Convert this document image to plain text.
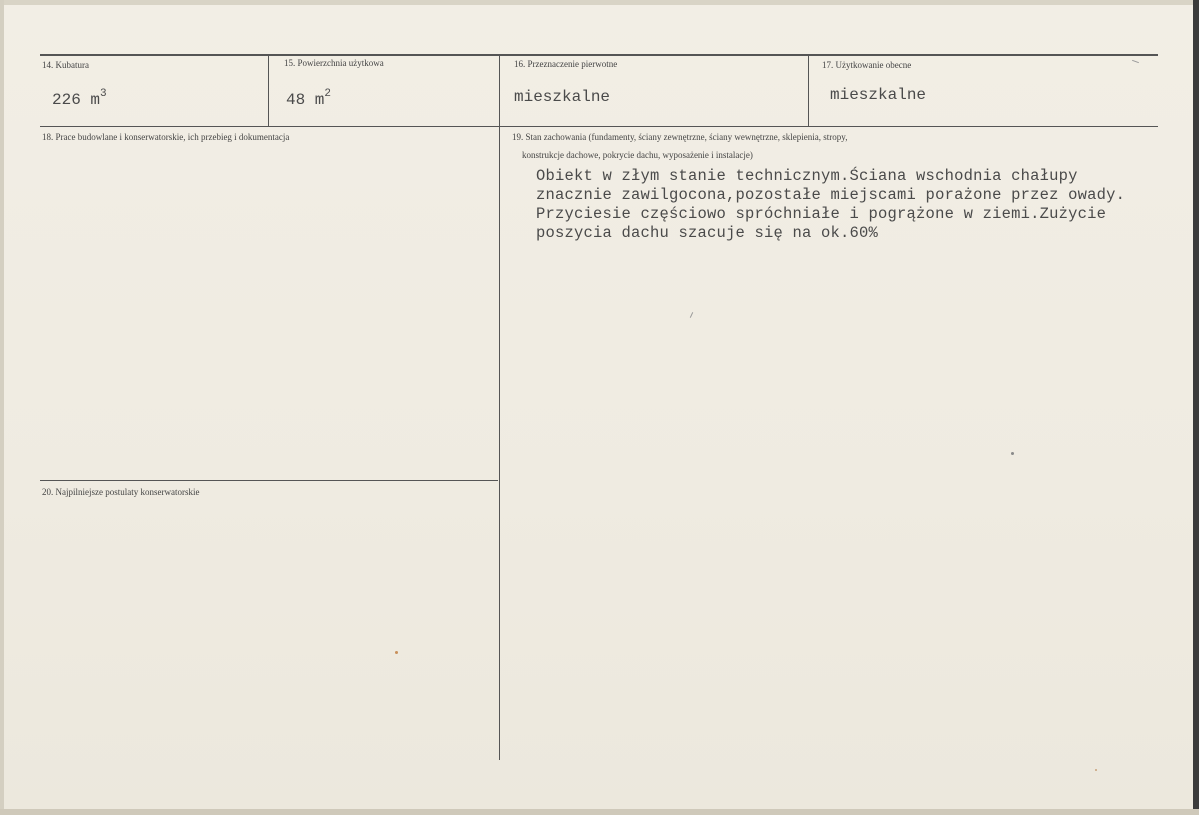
14. Kubatura
226 $m^3$
15. Powierzchnia użytkowa
48 $m^2$
16. Przeznaczenie pierwotne
mieszkalne
17. Użytkowanie obecne
mieszkalne
18. Prace budowlane i konserwatorskie, ich przebieg i dokumentacja	19. Stan zachowania (fundamenty, ściany zewnętrzne, ściany wewnętrzne, sklepienia, stropy,
konstrukcje dachowe, pokrycie dachu, wyposażenie i instalacje)
Obiekt w złym stanie technicznym.Ściana wschodnia chałupy
znacznie zawilgocona,pozostałe miejscami porażone przez owady.
Przyciesie częściowo spróchniałe i pogrążone w ziemi.Zużycie
poszycia dachu szacuje się na ok.60%
20. Najpilniejsze postulaty konserwatorskie
